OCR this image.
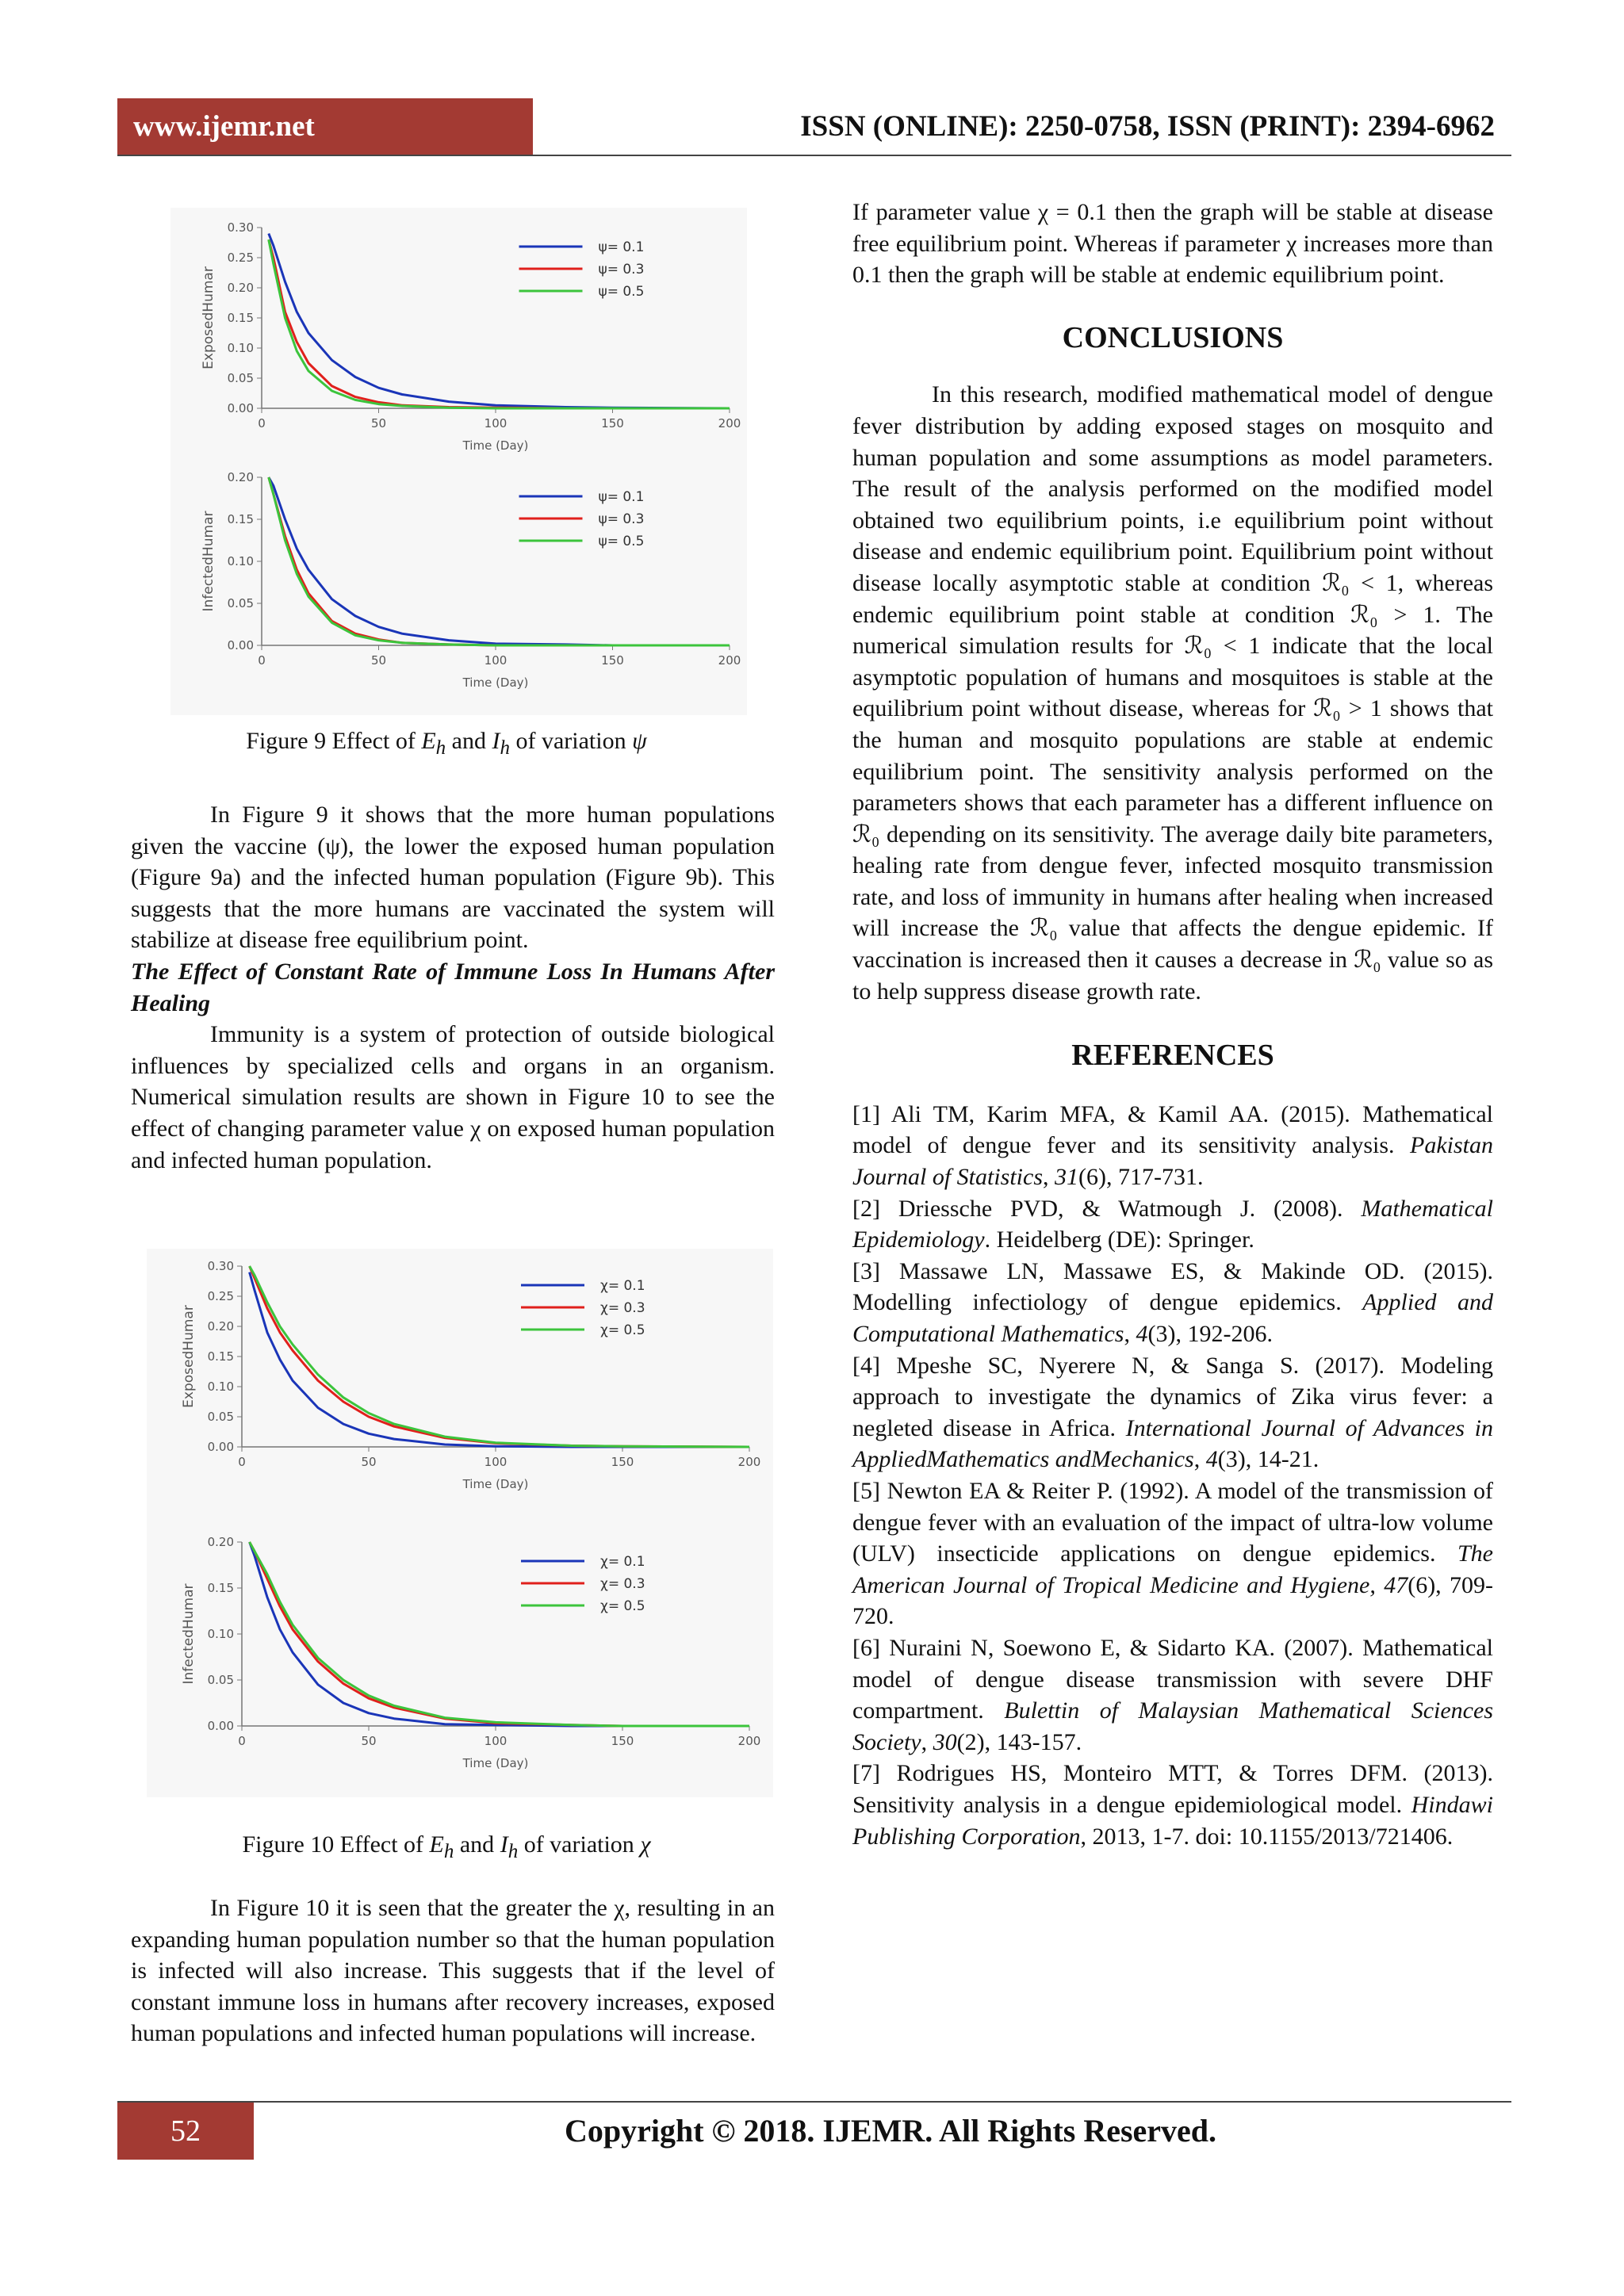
www.ijemr.net	ISSN (ONLINE): 2250-0758, ISSN (PRINT): 2394-6962
0.30
0.25
0.20
0.15
0.10
0.05
0.00
0	50	100	150	200
Time (Day)
ExposedHumar
ψ= 0.1
ψ= 0.3
ψ= 0.5
0.20
0.15
0.10
0.05
0.00
0	50	100	150	200
Time (Day)
InfectedHumar
ψ= 0.1
ψ= 0.3
ψ= 0.5
Figure 9 Effect of $E_h$ and $I_h$ of variation ψ

In Figure 9 it shows that the more human populations given the vaccine (ψ), the lower the exposed human population (Figure 9a) and the infected human population (Figure 9b). This suggests that the more humans are vaccinated the system will stabilize at disease free equilibrium point.

The Effect of Constant Rate of Immune Loss In Humans After Healing

Immunity is a system of protection of outside biological influences by specialized cells and organs in an organism. Numerical simulation results are shown in Figure 10 to see the effect of changing parameter value χ on exposed human population and infected human population.

0.30
0.25
0.20
0.15
0.10
0.05
0.00
0	50	100	150	200
Time (Day)
ExposedHumar
χ= 0.1
χ= 0.3
χ= 0.5
0.20
0.15
0.10
0.05
0.00
0	50	100	150	200
Time (Day)
InfectedHumar
χ= 0.1
χ= 0.3
χ= 0.5
Figure 10 Effect of $E_h$ and $I_h$ of variation χ

In Figure 10 it is seen that the greater the χ, resulting in an expanding human population number so that the human population is infected will also increase. This suggests that if the level of constant immune loss in humans after recovery increases, exposed human populations and infected human populations will increase.

If parameter value χ = 0.1 then the graph will be stable at disease free equilibrium point. Whereas if parameter χ increases more than 0.1 then the graph will be stable at endemic equilibrium point.

CONCLUSIONS

In this research, modified mathematical model of dengue fever distribution by adding exposed stages on mosquito and human population and some assumptions as model parameters. The result of the analysis performed on the modified model obtained two equilibrium points, i.e equilibrium point without disease and endemic equilibrium point. Equilibrium point without disease locally asymptotic stable at condition ℛ₀ < 1, whereas endemic equilibrium point stable at condition ℛ₀ > 1. The numerical simulation results for ℛ₀ < 1 indicate that the local asymptotic population of humans and mosquitoes is stable at the equilibrium point without disease, whereas for ℛ₀ > 1 shows that the human and mosquito populations are stable at endemic equilibrium point. The sensitivity analysis performed on the parameters shows that each parameter has a different influence on ℛ₀ depending on its sensitivity. The average daily bite parameters, healing rate from dengue fever, infected mosquito transmission rate, and loss of immunity in humans after healing when increased will increase the ℛ₀ value that affects the dengue epidemic. If vaccination is increased then it causes a decrease in ℛ₀ value so as to help suppress disease growth rate.

REFERENCES

[1] Ali TM, Karim MFA, & Kamil AA. (2015). Mathematical model of dengue fever and its sensitivity analysis. Pakistan Journal of Statistics, 31(6), 717-731.

[2] Driessche PVD, & Watmough J. (2008). Mathematical Epidemiology. Heidelberg (DE): Springer.

[3] Massawe LN, Massawe ES, & Makinde OD. (2015). Modelling infectiology of dengue epidemics. Applied and Computational Mathematics, 4(3), 192-206.

[4] Mpeshe SC, Nyerere N, & Sanga S. (2017). Modeling approach to investigate the dynamics of Zika virus fever: a negleted disease in Africa. International Journal of Advances in AppliedMathematics andMechanics, 4(3), 14-21.

[5] Newton EA & Reiter P. (1992). A model of the transmission of dengue fever with an evaluation of the impact of ultra-low volume (ULV) insecticide applications on dengue epidemics. The American Journal of Tropical Medicine and Hygiene, 47(6), 709-720.

[6] Nuraini N, Soewono E, & Sidarto KA. (2007). Mathematical model of dengue disease transmission with severe DHF compartment. Bulettin of Malaysian Mathematical Sciences Society, 30(2), 143-157.

[7] Rodrigues HS, Monteiro MTT, & Torres DFM. (2013). Sensitivity analysis in a dengue epidemiological model. Hindawi Publishing Corporation, 2013, 1-7. doi: 10.1155/2013/721406.

52	Copyright © 2018. IJEMR. All Rights Reserved.
